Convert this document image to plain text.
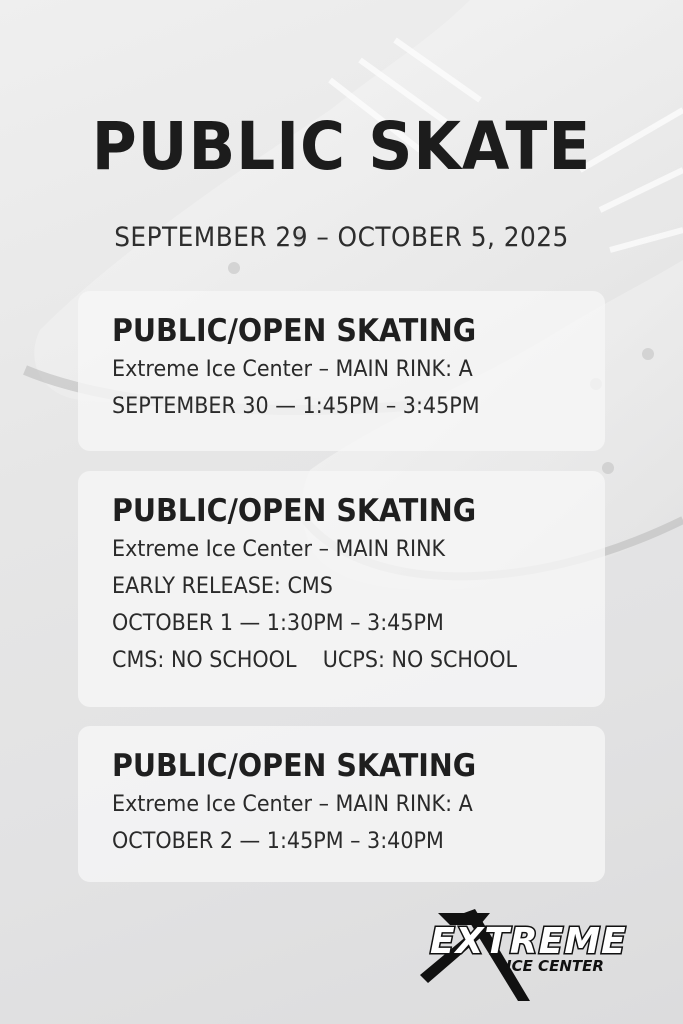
PUBLIC SKATE
SEPTEMBER 29 – OCTOBER 5, 2025
PUBLIC/OPEN SKATING
Extreme Ice Center – MAIN RINK: A
SEPTEMBER 30 — 1:45PM – 3:45PM
PUBLIC/OPEN SKATING
Extreme Ice Center – MAIN RINK
EARLY RELEASE: CMS
OCTOBER 1 — 1:30PM – 3:45PM
CMS: NO SCHOOL UCPS: NO SCHOOL
PUBLIC/OPEN SKATING
Extreme Ice Center – MAIN RINK: A
OCTOBER 2 — 1:45PM – 3:40PM
EXTREME
ICE CENTER
